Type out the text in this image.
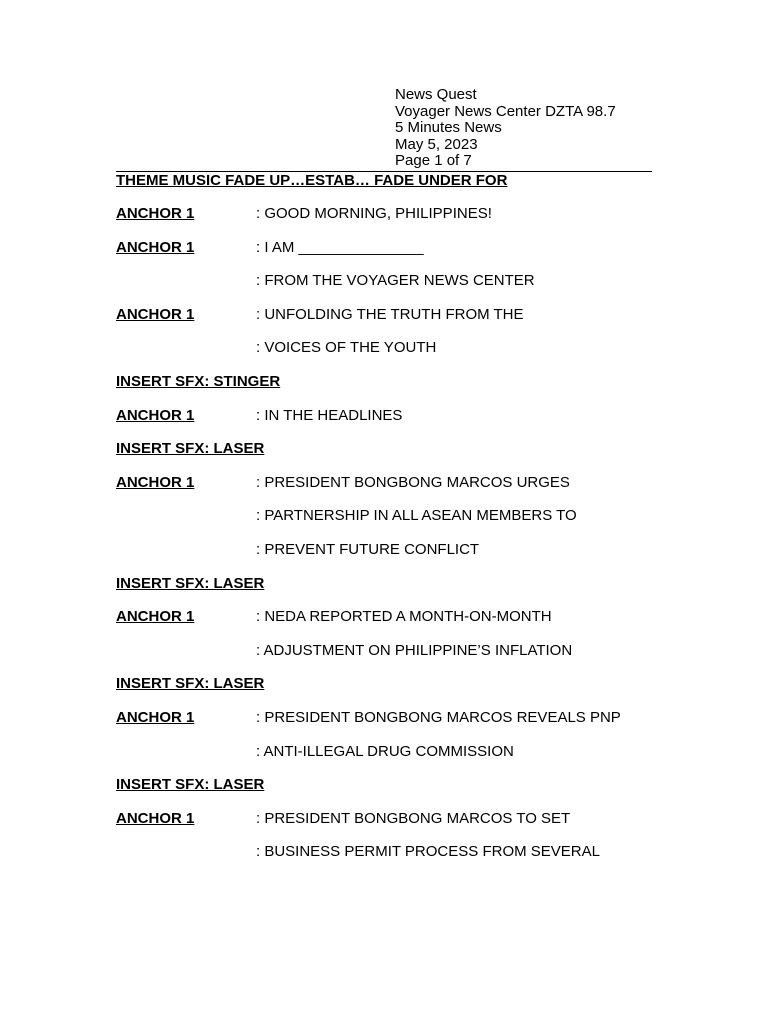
News Quest
Voyager News Center DZTA 98.7
5 Minutes News
May 5, 2023
Page 1 of 7
THEME MUSIC FADE UP…ESTAB… FADE UNDER FOR
ANCHOR 1	: GOOD MORNING, PHILIPPINES!
ANCHOR 1	: I AM _______________
: FROM THE VOYAGER NEWS CENTER
ANCHOR 1	: UNFOLDING THE TRUTH FROM THE
: VOICES OF THE YOUTH
INSERT SFX: STINGER
ANCHOR 1	: IN THE HEADLINES
INSERT SFX: LASER
ANCHOR 1	: PRESIDENT BONGBONG MARCOS URGES
: PARTNERSHIP IN ALL ASEAN MEMBERS TO
: PREVENT FUTURE CONFLICT
INSERT SFX: LASER
ANCHOR 1	: NEDA REPORTED A MONTH-ON-MONTH
: ADJUSTMENT ON PHILIPPINE’S INFLATION
INSERT SFX: LASER
ANCHOR 1	: PRESIDENT BONGBONG MARCOS REVEALS PNP
: ANTI-ILLEGAL DRUG COMMISSION
INSERT SFX: LASER
ANCHOR 1	: PRESIDENT BONGBONG MARCOS TO SET
: BUSINESS PERMIT PROCESS FROM SEVERAL
